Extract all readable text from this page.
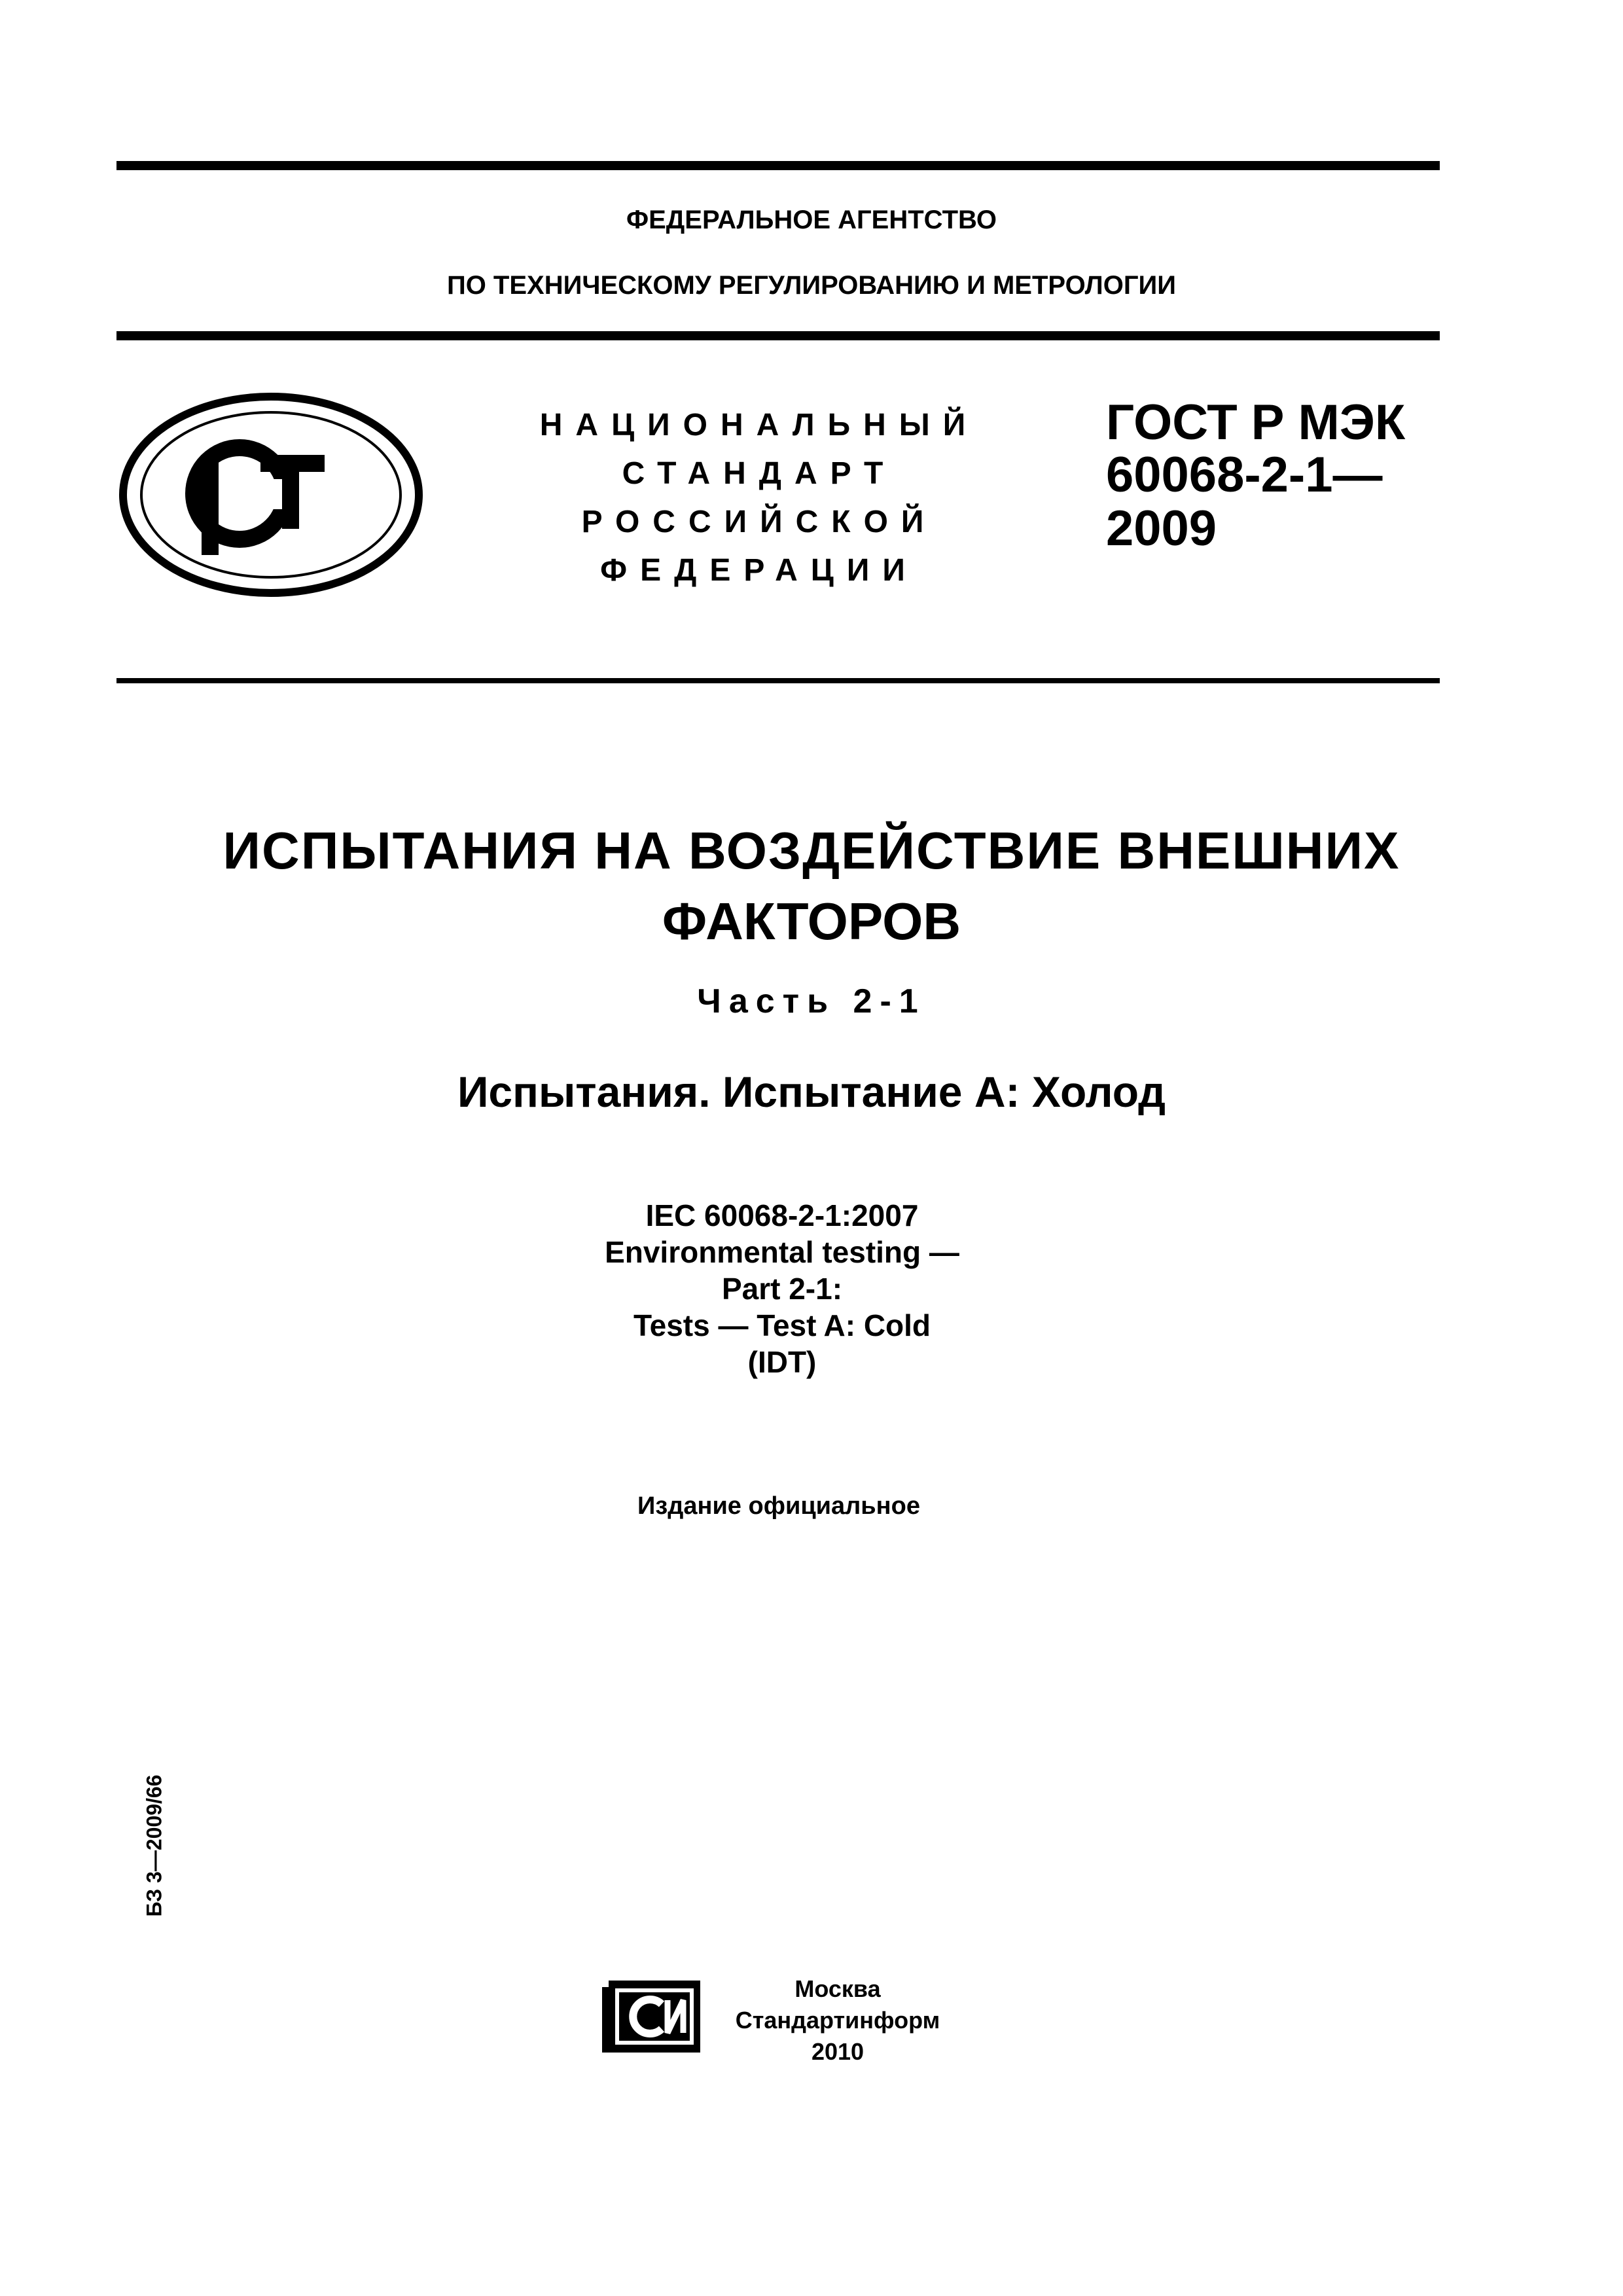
ФЕДЕРАЛЬНОЕ АГЕНТСТВО
ПО ТЕХНИЧЕСКОМУ РЕГУЛИРОВАНИЮ И МЕТРОЛОГИИ
НАЦИОНАЛЬНЫЙ
СТАНДАРТ
РОССИЙСКОЙ
ФЕДЕРАЦИИ
ГОСТ Р МЭК
60068-2-1—
2009
ИСПЫТАНИЯ НА ВОЗДЕЙСТВИЕ ВНЕШНИХ
ФАКТОРОВ
Часть 2-1
Испытания. Испытание А: Холод
IEC 60068-2-1:2007
Environmental testing —
Part 2-1:
Tests — Test A: Cold
(IDT)
Издание официальное
БЗ 3—2009/66
Москва
Стандартинформ
2010
